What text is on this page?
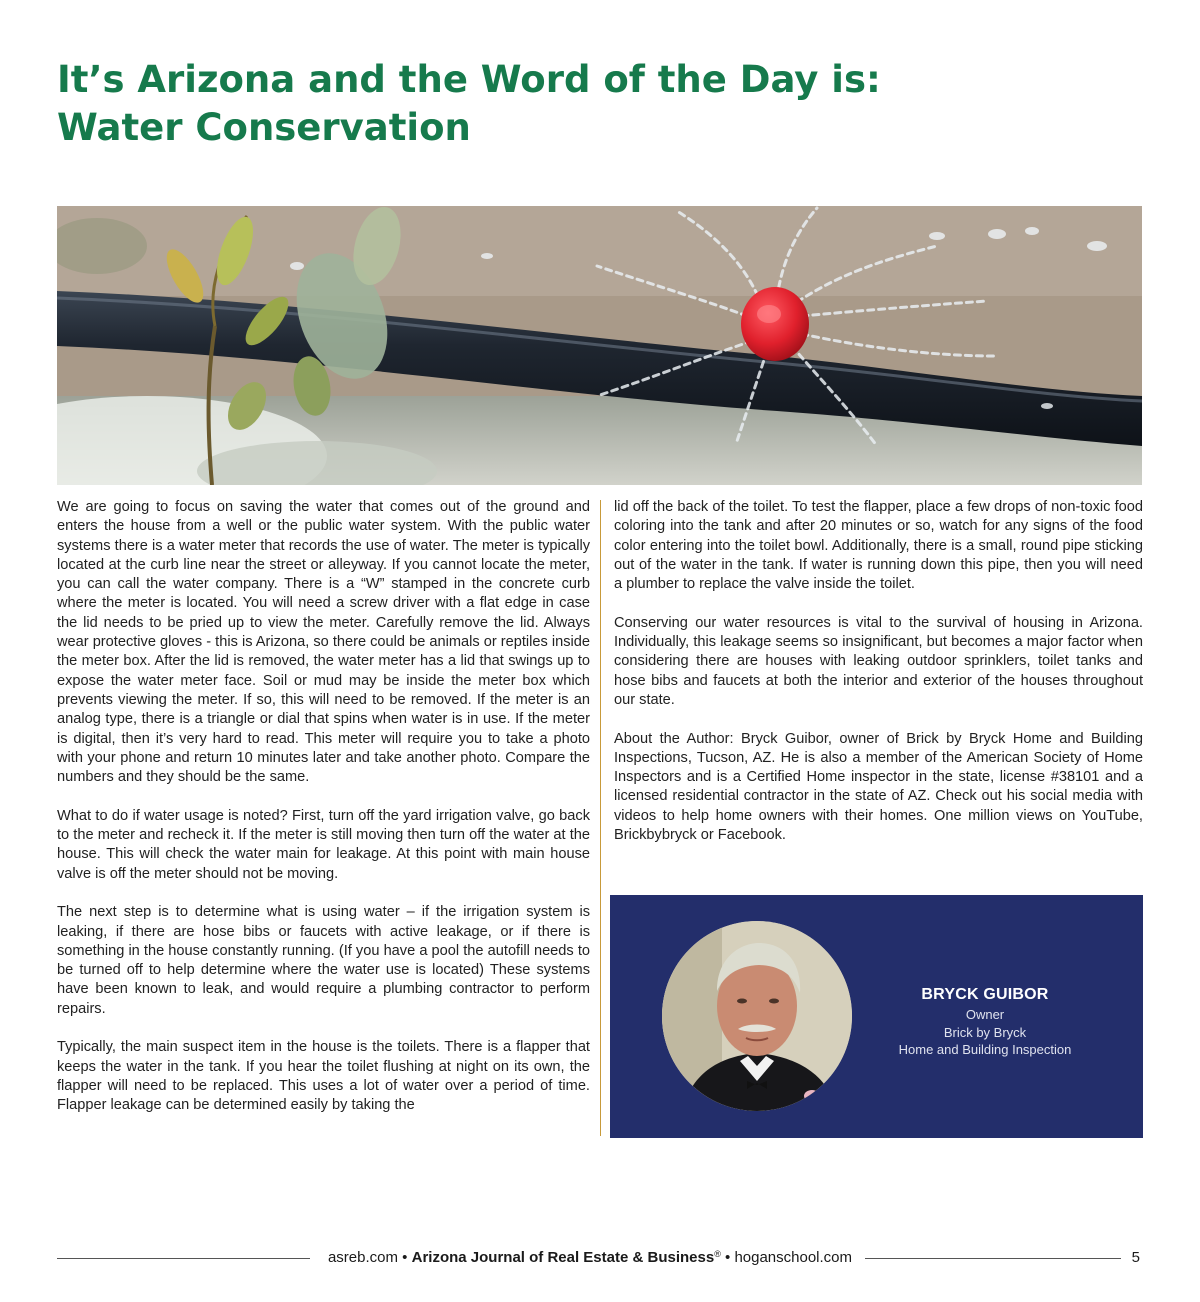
It’s Arizona and the Word of the Day is:
Water Conservation

We are going to focus on saving the water that comes out of the ground and enters the house from a well or the public water system. With the public water systems there is a water meter that records the use of water. The meter is typically located at the curb line near the street or alleyway. If you cannot locate the meter, you can call the water company. There is a “W” stamped in the concrete curb where the meter is located. You will need a screw driver with a flat edge in case the lid needs to be pried up to view the meter. Carefully remove the lid. Always wear protective gloves - this is Arizona, so there could be animals or reptiles inside the meter box. After the lid is removed, the water meter has a lid that swings up to expose the water meter face. Soil or mud may be inside the meter box which prevents viewing the meter. If so, this will need to be removed. If the meter is an analog type, there is a triangle or dial that spins when water is in use. If the meter is digital, then it’s very hard to read. This meter will require you to take a photo with your phone and return 10 minutes later and take another photo. Compare the numbers and they should be the same.

What to do if water usage is noted? First, turn off the yard irrigation valve, go back to the meter and recheck it. If the meter is still moving then turn off the water at the house. This will check the water main for leakage. At this point with main house valve is off the meter should not be moving.

The next step is to determine what is using water – if the irrigation system is leaking, if there are hose bibs or faucets with active leakage, or if there is something in the house constantly running. (If you have a pool the autofill needs to be turned off to help determine where the water use is located) These systems have been known to leak, and would require a plumbing contractor to perform repairs.

Typically, the main suspect item in the house is the toilets. There is a flapper that keeps the water in the tank. If you hear the toilet flushing at night on its own, the flapper will need to be replaced. This uses a lot of water over a period of time. Flapper leakage can be determined easily by taking the

lid off the back of the toilet. To test the flapper, place a few drops of non-toxic food coloring into the tank and after 20 minutes or so, watch for any signs of the food color entering into the toilet bowl. Additionally, there is a small, round pipe sticking out of the water in the tank. If water is running down this pipe, then you will need a plumber to replace the valve inside the toilet.

Conserving our water resources is vital to the survival of housing in Arizona. Individually, this leakage seems so insignificant, but becomes a major factor when considering there are houses with leaking outdoor sprinklers, toilet tanks and hose bibs and faucets at both the interior and exterior of the houses throughout our state.

About the Author: Bryck Guibor, owner of Brick by Bryck Home and Building Inspections, Tucson, AZ. He is also a member of the American Society of Home Inspectors and is a Certified Home inspector in the state, license #38101 and a licensed residential contractor in the state of AZ. Check out his social media with videos to help home owners with their homes. One million views on YouTube, Brickbybryck or Facebook.

BRYCK GUIBOR
Owner
Brick by Bryck
Home and Building Inspection
asreb.com • Arizona Journal of Real Estate & Business® • hoganschool.com	5
